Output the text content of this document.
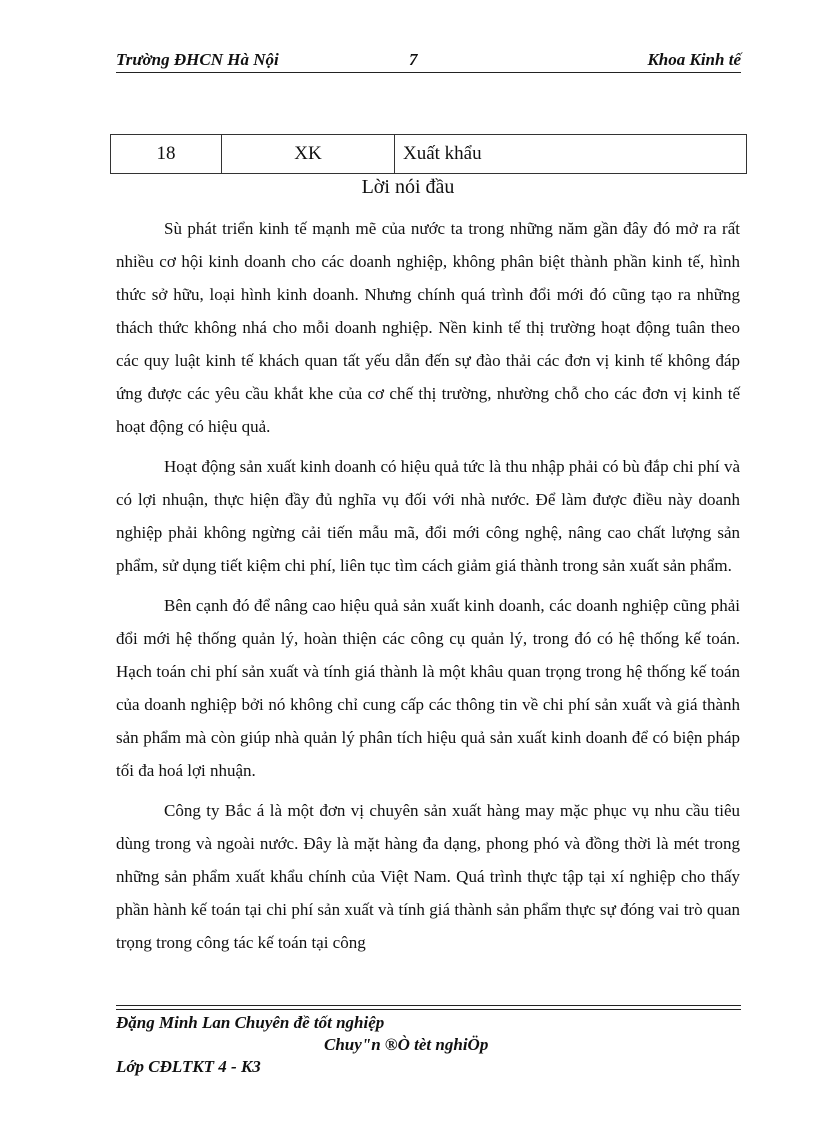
Trường ĐHCN Hà Nội	7	Khoa Kinh tế
18	XK	Xuất khẩu
Lời nói đầu

Sù phát triển kinh tế mạnh mẽ của nước ta trong những năm gần đây đó mở ra rất nhiều cơ hội kinh doanh cho các doanh nghiệp, không phân biệt thành phần kinh tế, hình thức sở hữu, loại hình kinh doanh. Nhưng chính quá trình đổi mới đó cũng tạo ra những thách thức không nhá cho mỗi doanh nghiệp. Nền kinh tế thị trường hoạt động tuân theo các quy luật kinh tế khách quan tất yếu dẫn đến sự đào thải các đơn vị kinh tế không đáp ứng được các yêu cầu khắt khe của cơ chế thị trường, nhường chỗ cho các đơn vị kinh tế hoạt động có hiệu quả.

Hoạt động sản xuất kinh doanh có hiệu quả tức là thu nhập phải có bù đắp chi phí và có lợi nhuận, thực hiện đầy đủ nghĩa vụ đối với nhà nước. Để làm được điều này doanh nghiệp phải không ngừng cải tiến mẫu mã, đổi mới công nghệ, nâng cao chất lượng sản phẩm, sử dụng tiết kiệm chi phí, liên tục tìm cách giảm giá thành trong sản xuất sản phẩm.

Bên cạnh đó để nâng cao hiệu quả sản xuất kinh doanh, các doanh nghiệp cũng phải đổi mới hệ thống quản lý, hoàn thiện các công cụ quản lý, trong đó có hệ thống kế toán. Hạch toán chi phí sản xuất và tính giá thành là một khâu quan trọng trong hệ thống kế toán của doanh nghiệp bởi nó không chỉ cung cấp các thông tin về chi phí sản xuất và giá thành sản phẩm mà còn giúp nhà quản lý phân tích hiệu quả sản xuất kinh doanh để có biện pháp tối đa hoá lợi nhuận.

Công ty Bắc á là một đơn vị chuyên sản xuất hàng may mặc phục vụ nhu cầu tiêu dùng trong và ngoài nước. Đây là mặt hàng đa dạng, phong phó và đồng thời là mét trong những sản phẩm xuất khẩu chính của Việt Nam. Quá trình thực tập tại xí nghiệp cho thấy phần hành kế toán tại chi phí sản xuất và tính giá thành sản phẩm thực sự đóng vai trò quan trọng trong công tác kế toán tại công

Đặng Minh Lan Chuyên đề tốt nghiệp
Chuy"n ®Ò tèt nghiÖp
Lớp CĐLTKT 4 - K3
